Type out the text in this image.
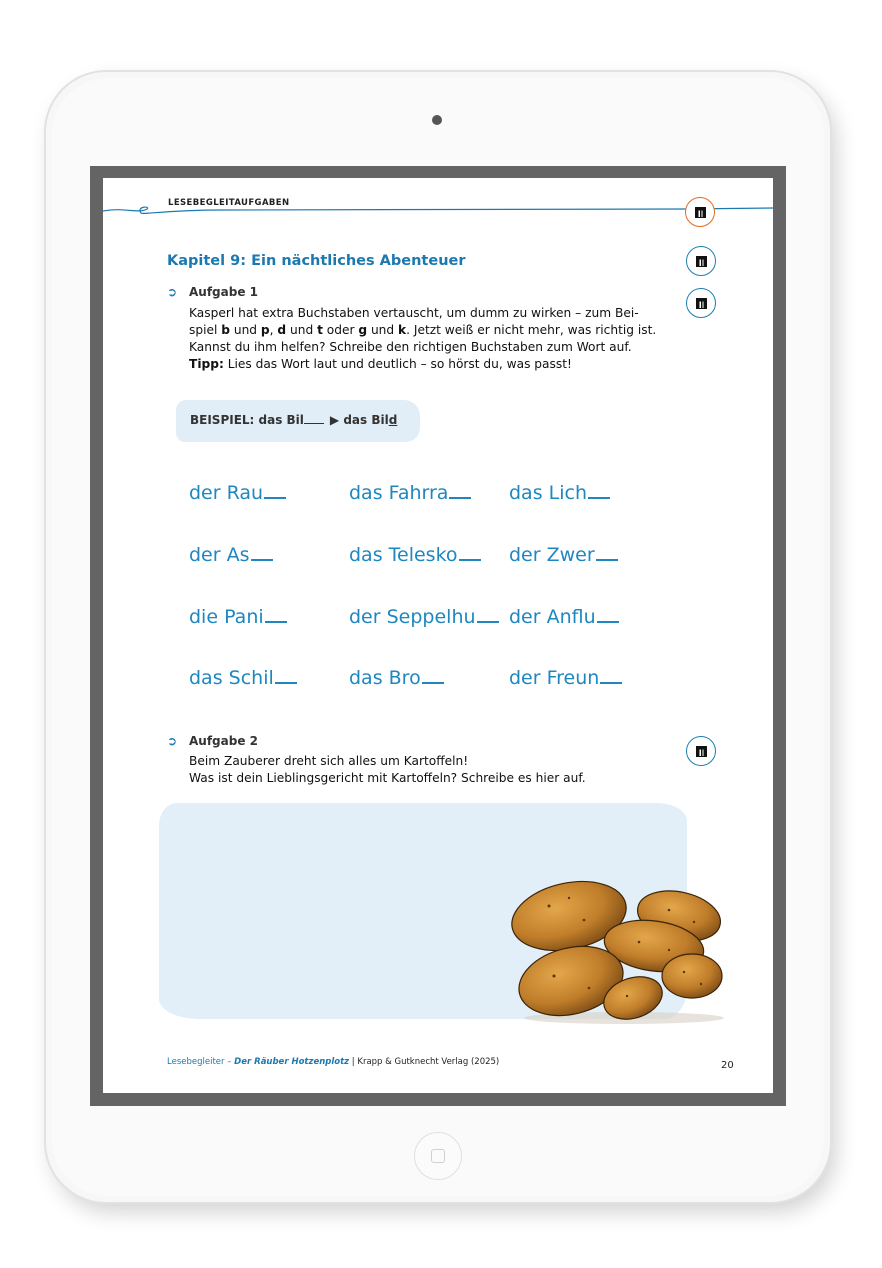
LESEBEGLEITAUFGABEN
Kapitel 9: Ein nächtliches Abenteuer
➲ Aufgabe 1
Kasperl hat extra Buchstaben vertauscht, um dumm zu wirken – zum Bei-
spiel b und p, d und t oder g und k. Jetzt weiß er nicht mehr, was richtig ist.
Kannst du ihm helfen? Schreibe den richtigen Buchstaben zum Wort auf.
Tipp: Lies das Wort laut und deutlich – so hörst du, was passt!
BEISPIEL: das Bil ▶ das Bild
der Rau	das Fahrra	das Lich
der As	das Telesko	der Zwer
die Pani	der Seppelhu	der Anflu
das Schil	das Bro	der Freun
➲ Aufgabe 2
Beim Zauberer dreht sich alles um Kartoffeln!
Was ist dein Lieblingsgericht mit Kartoffeln? Schreibe es hier auf.
Lesebegleiter – Der Räuber Hotzenplotz | Krapp & Gutknecht Verlag (2025)	20
